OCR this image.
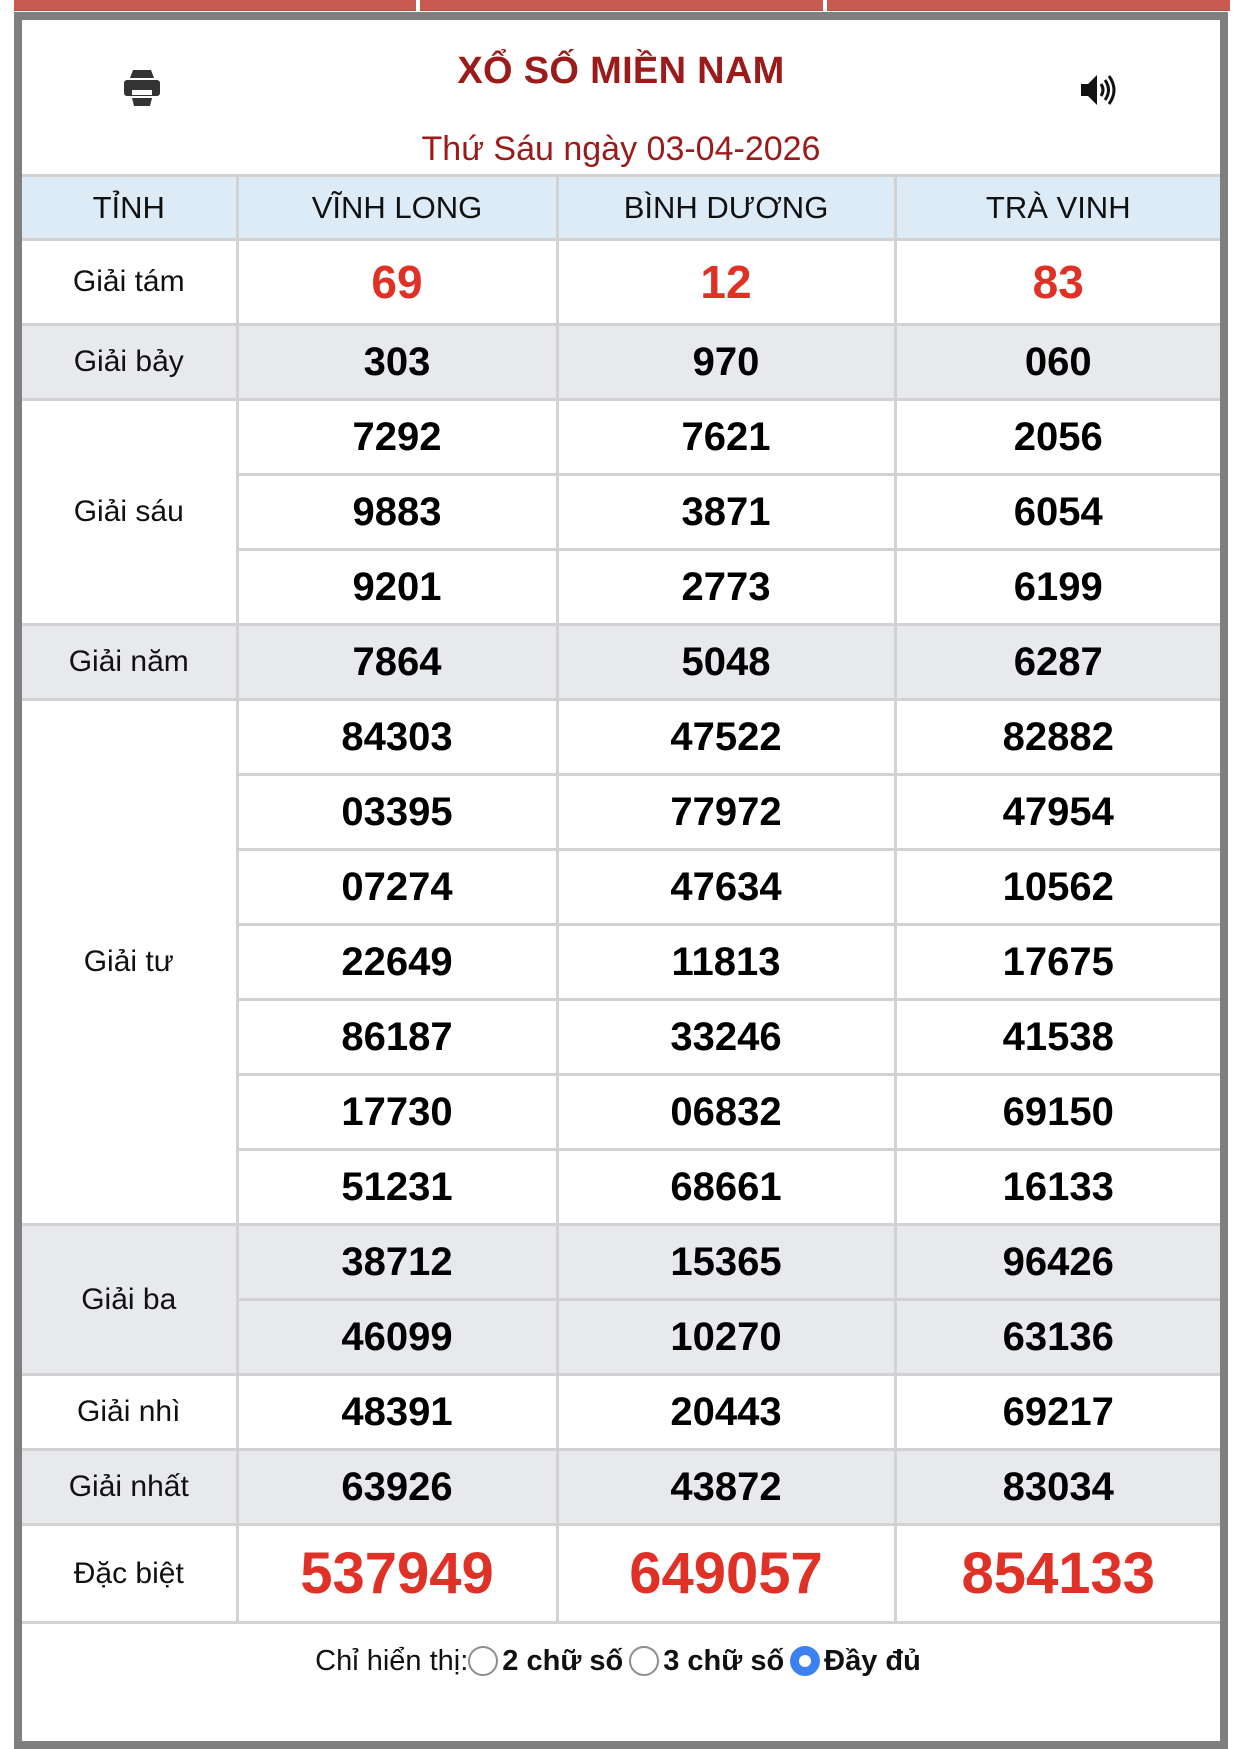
XỔ SỐ MIỀN NAM
Thứ Sáu ngày 03-04-2026
TỈNH	VĨNH LONG	BÌNH DƯƠNG	TRÀ VINH
Giải tám	69	12	83
Giải bảy	303	970	060
Giải sáu	7292	7621	2056
	9883	3871	6054
	9201	2773	6199
Giải năm	7864	5048	6287
Giải tư	84303	47522	82882
	03395	77972	47954
	07274	47634	10562
	22649	11813	17675
	86187	33246	41538
	17730	06832	69150
	51231	68661	16133
Giải ba	38712	15365	96426
	46099	10270	63136
Giải nhì	48391	20443	69217
Giải nhất	63926	43872	83034
Đặc biệt	537949	649057	854133
Chỉ hiển thị: 2 chữ số 3 chữ số Đầy đủ
